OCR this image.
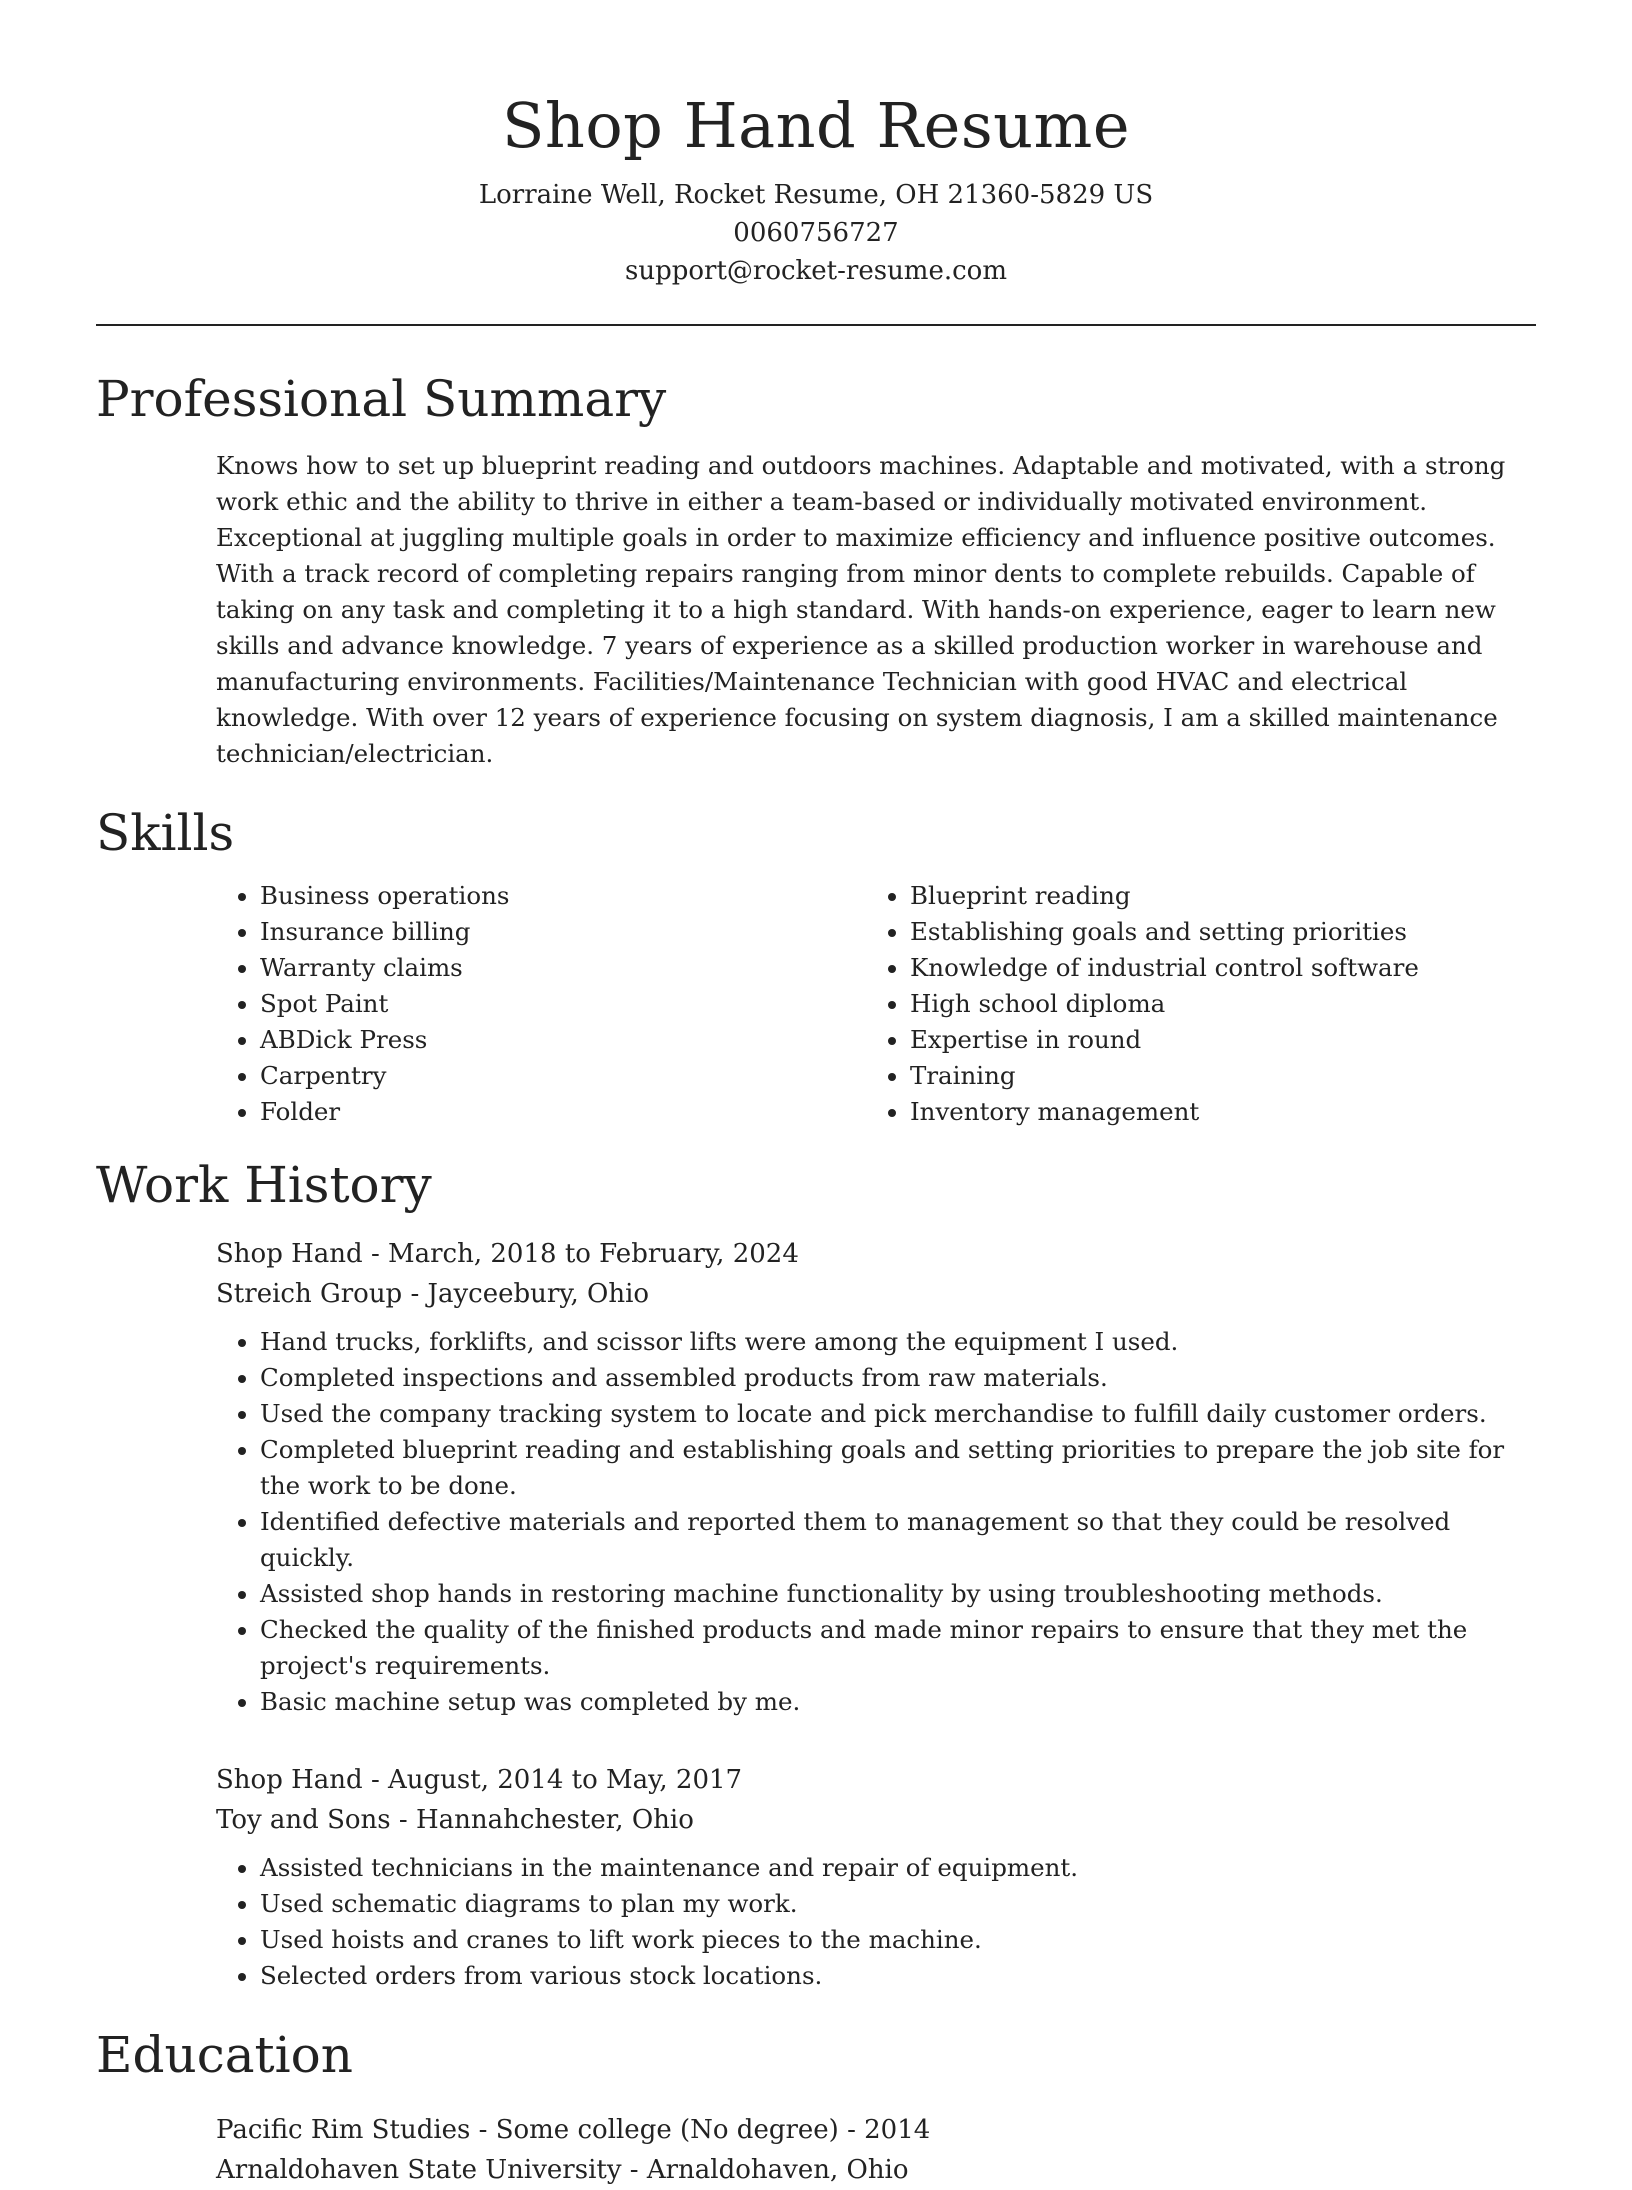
Shop Hand Resume

Lorraine Well, Rocket Resume, OH 21360-5829 US

0060756727

support@rocket-resume.com

Professional Summary

Knows how to set up blueprint reading and outdoors machines. Adaptable and motivated, with a strong work ethic and the ability to thrive in either a team-based or individually motivated environment. Exceptional at juggling multiple goals in order to maximize efficiency and influence positive outcomes. With a track record of completing repairs ranging from minor dents to complete rebuilds. Capable of taking on any task and completing it to a high standard. With hands-on experience, eager to learn new skills and advance knowledge. 7 years of experience as a skilled production worker in warehouse and manufacturing environments. Facilities/Maintenance Technician with good HVAC and electrical knowledge. With over 12 years of experience focusing on system diagnosis, I am a skilled maintenance technician/electrician.

Skills
• Business operations
• Insurance billing
• Warranty claims
• Spot Paint
• ABDick Press
• Carpentry
• Folder
• Blueprint reading
• Establishing goals and setting priorities
• Knowledge of industrial control software
• High school diploma
• Expertise in round
• Training
• Inventory management
Work History

Shop Hand - March, 2018 to February, 2024

Streich Group - Jayceebury, Ohio

• Hand trucks, forklifts, and scissor lifts were among the equipment I used.
• Completed inspections and assembled products from raw materials.
• Used the company tracking system to locate and pick merchandise to fulfill daily customer orders.
• Completed blueprint reading and establishing goals and setting priorities to prepare the job site for the work to be done.
• Identified defective materials and reported them to management so that they could be resolved quickly.
• Assisted shop hands in restoring machine functionality by using troubleshooting methods.
• Checked the quality of the finished products and made minor repairs to ensure that they met the project's requirements.
• Basic machine setup was completed by me.

Shop Hand - August, 2014 to May, 2017

Toy and Sons - Hannahchester, Ohio

• Assisted technicians in the maintenance and repair of equipment.
• Used schematic diagrams to plan my work.
• Used hoists and cranes to lift work pieces to the machine.
• Selected orders from various stock locations.
Education

Pacific Rim Studies - Some college (No degree) - 2014

Arnaldohaven State University - Arnaldohaven, Ohio
